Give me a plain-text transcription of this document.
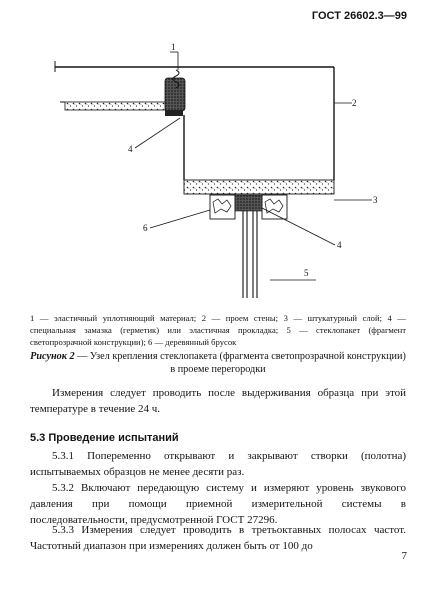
ГОСТ 26602.3—99
1
2
4
3
6
4
5
1 — эластичный уплотняющий материал; 2 — проем стены; 3 — штукатурный слой; 4 — специальная замазка (герметик) или эластичная прокладка; 5 — стеклопакет (фрагмент светопрозрачной конструкции); 6 — деревянный брусок
Рисунок 2 — Узел крепления стеклопакета (фрагмента светопрозрачной конструкции) в проеме перегородки

Измерения следует проводить после выдерживания образца при этой температуре в течение 24 ч.

5.3 Проведение испытаний

5.3.1 Попеременно открывают и закрывают створки (полотна) испытываемых образцов не менее десяти раз.

5.3.2 Включают передающую систему и измеряют уровень звукового давления при помощи приемной измерительной системы в последовательности, предусмотренной ГОСТ 27296.

5.3.3 Измерения следует проводить в третьоктавных полосах частот. Частотный диапазон при измерениях должен быть от 100 до

7
